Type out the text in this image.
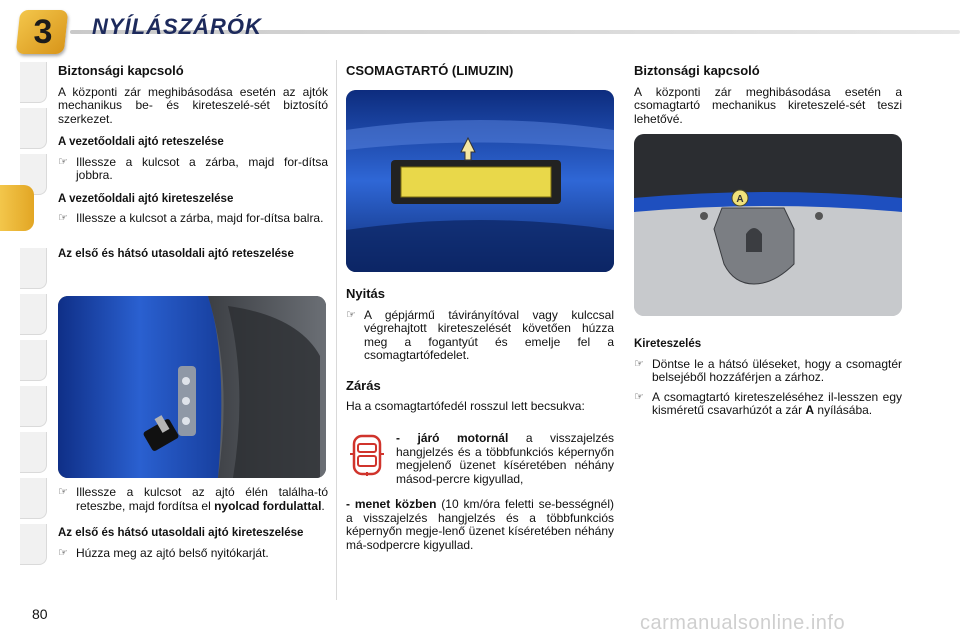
3	NYÍLÁSZÁRÓK
Biztonsági kapcsoló
A központi zár meghibásodása esetén az ajtók mechanikus be- és kireteszelé-sét biztosító szerkezet.
A vezetőoldali ajtó reteszelése
☞ Illessze a kulcsot a zárba, majd for-dítsa jobbra.
A vezetőoldali ajtó kireteszelése
☞ Illessze a kulcsot a zárba, majd for-dítsa balra.
Az első és hátsó utasoldali ajtó reteszelése
☞ Illessze a kulcsot az ajtó élén találha-tó reteszbe, majd fordítsa el nyolcad fordulattal.
Az első és hátsó utasoldali ajtó kireteszelése
☞ Húzza meg az ajtó belső nyitókarját.
CSOMAGTARTÓ (LIMUZIN)
Nyitás
☞ A gépjármű távirányítóval vagy kulccsal végrehajtott kireteszelését követően húzza meg a fogantyút és emelje fel a csomagtartófedelet.
Zárás
Ha a csomagtartófedél rosszul lett becsukva:
- járó motornál a visszajelzés hangjelzés és a többfunkciós képernyőn megjelenő üzenet kíséretében néhány másod-percre kigyullad,
- menet közben (10 km/óra feletti se-bességnél) a visszajelzés hangjelzés és a többfunkciós képernyőn megje-lenő üzenet kíséretében néhány má-sodpercre kigyullad.
Biztonsági kapcsoló
A központi zár meghibásodása esetén a csomagtartó mechanikus kireteszelé-sét teszi lehetővé.
A
Kireteszelés
☞ Döntse le a hátsó üléseket, hogy a csomagtér belsejéből hozzáférjen a zárhoz.
☞ A csomagtartó kireteszeléséhez il-lesszen egy kisméretű csavarhúzót a zár A nyílásába.
80	carmanualsonline.info
